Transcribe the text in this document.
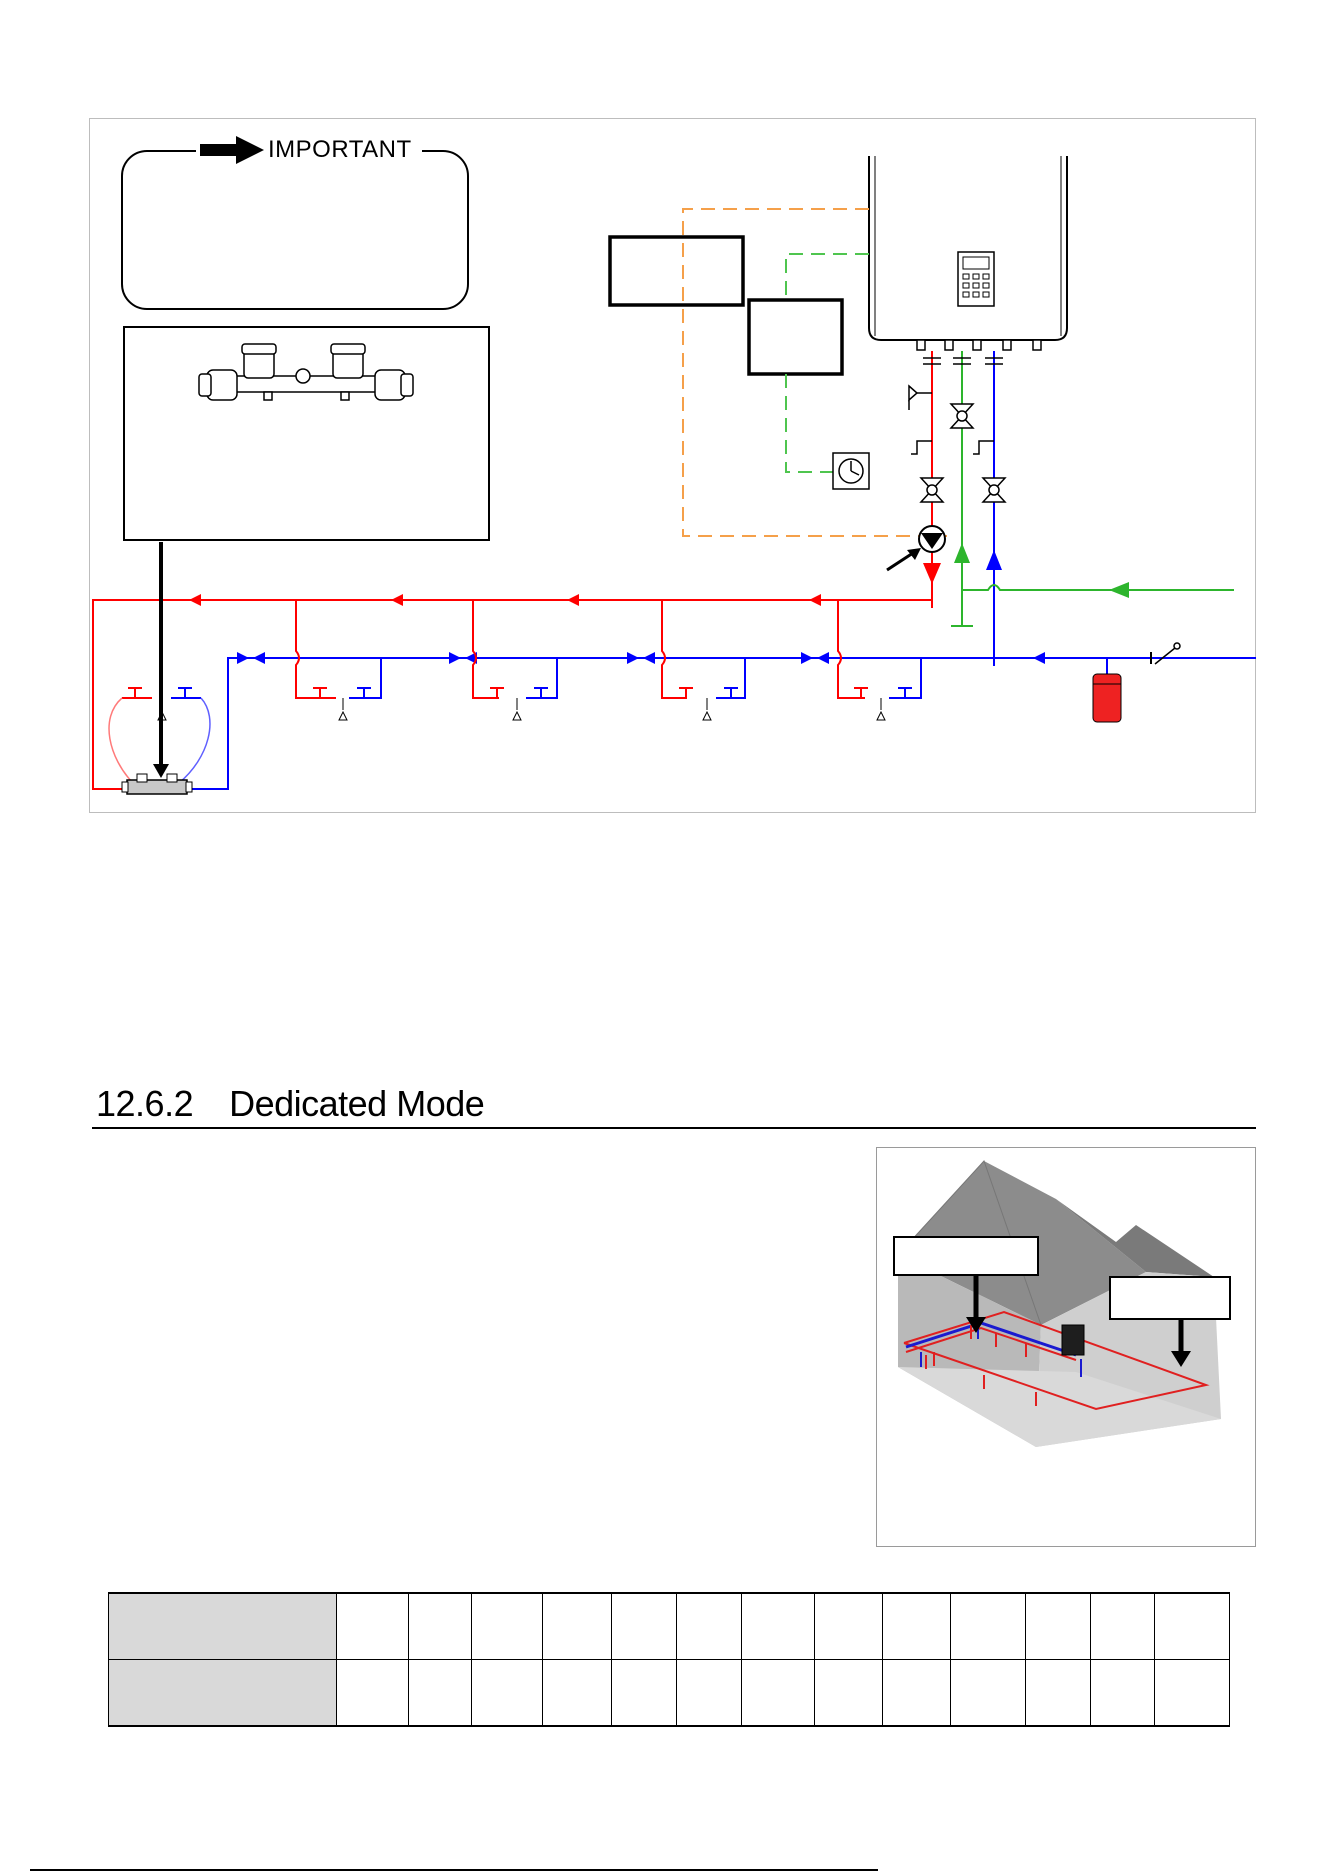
IMPORTANT
12.6.2 Dedicated Mode
